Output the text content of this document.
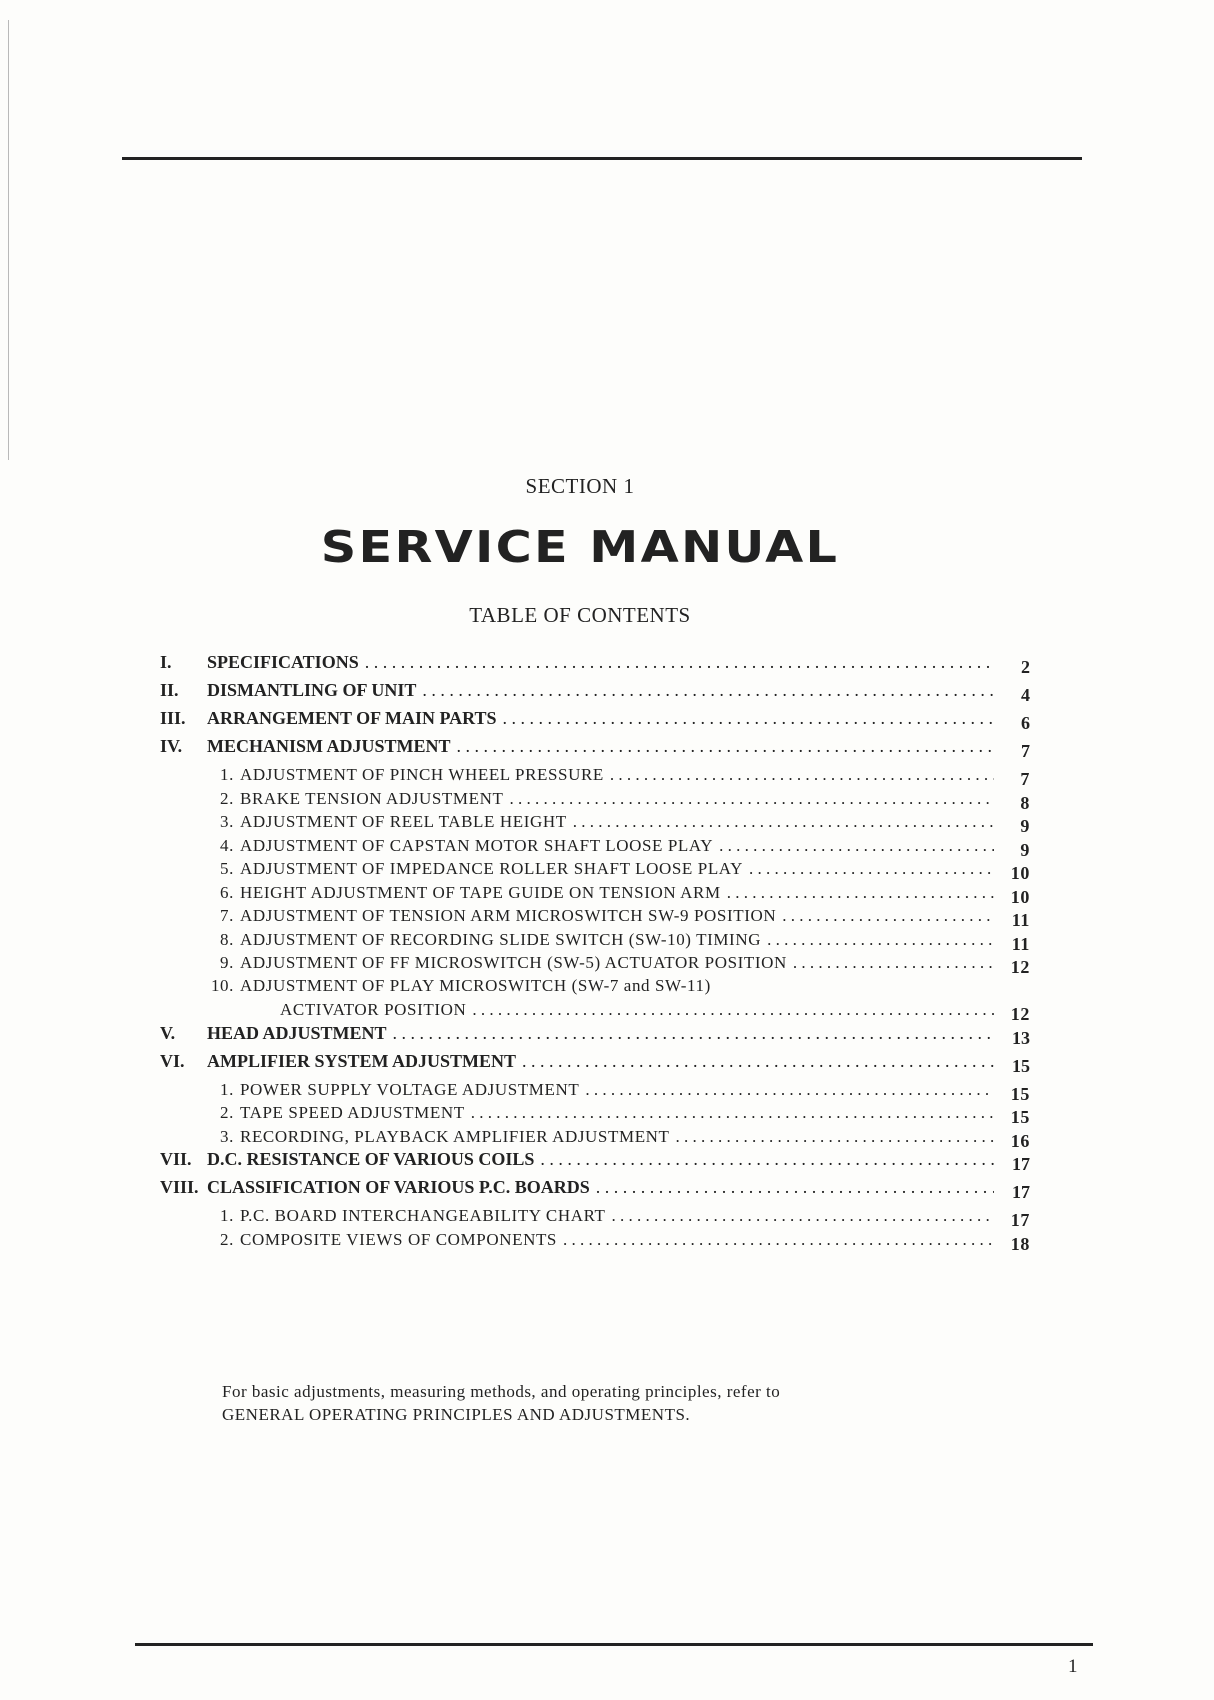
SECTION 1
SERVICE MANUAL
TABLE OF CONTENTS
I.	SPECIFICATIONS . . .	2
II.	DISMANTLING OF UNIT . . .	4
III.	ARRANGEMENT OF MAIN PARTS . . .	6
IV.	MECHANISM ADJUSTMENT . . .	7
1. ADJUSTMENT OF PINCH WHEEL PRESSURE . . .	7
2. BRAKE TENSION ADJUSTMENT . . .	8
3. ADJUSTMENT OF REEL TABLE HEIGHT . . .	9
4. ADJUSTMENT OF CAPSTAN MOTOR SHAFT LOOSE PLAY . . .	9
5. ADJUSTMENT OF IMPEDANCE ROLLER SHAFT LOOSE PLAY . . .	10
6. HEIGHT ADJUSTMENT OF TAPE GUIDE ON TENSION ARM . . .	10
7. ADJUSTMENT OF TENSION ARM MICROSWITCH SW-9 POSITION . . .	11
8. ADJUSTMENT OF RECORDING SLIDE SWITCH (SW-10) TIMING . . .	11
9. ADJUSTMENT OF FF MICROSWITCH (SW-5) ACTUATOR POSITION . . .	12
10. ADJUSTMENT OF PLAY MICROSWITCH (SW-7 and SW-11)
ACTIVATOR POSITION . . .	12
V.	HEAD ADJUSTMENT . . .	13
VI.	AMPLIFIER SYSTEM ADJUSTMENT . . .	15
1. POWER SUPPLY VOLTAGE ADJUSTMENT . . .	15
2. TAPE SPEED ADJUSTMENT . . .	15
3. RECORDING, PLAYBACK AMPLIFIER ADJUSTMENT . . .	16
VII. D.C. RESISTANCE OF VARIOUS COILS . . .	17
VIII. CLASSIFICATION OF VARIOUS P.C. BOARDS . . .	17
1. P.C. BOARD INTERCHANGEABILITY CHART . . .	17
2. COMPOSITE VIEWS OF COMPONENTS . . .	18
For basic adjustments, measuring methods, and operating principles, refer to
GENERAL OPERATING PRINCIPLES AND ADJUSTMENTS.
1
